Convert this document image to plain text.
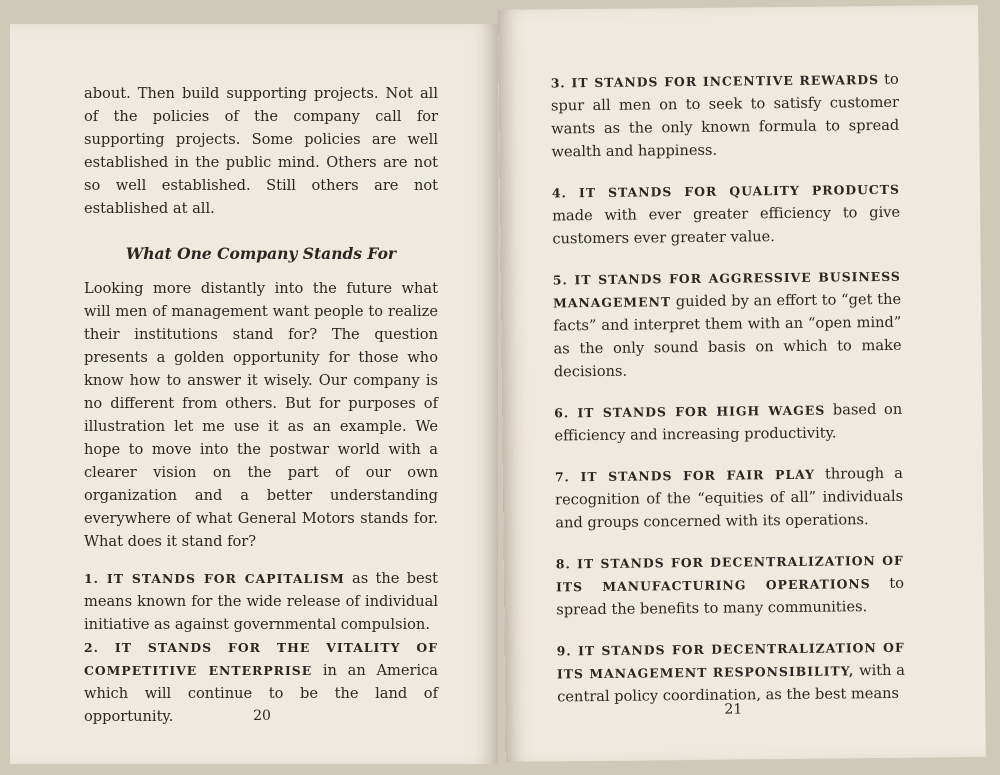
about. Then build supporting projects. Not all of the policies of the company call for supporting projects. Some policies are well established in the public mind. Others are not so well established. Still others are not established at all.

What One Company Stands For

Looking more distantly into the future what will men of management want people to realize their institutions stand for? The question presents a golden opportunity for those who know how to answer it wisely. Our company is no different from others. But for purposes of illustration let me use it as an example. We hope to move into the postwar world with a clearer vision on the part of our own organization and a better understanding everywhere of what General Motors stands for. What does it stand for?

1. IT STANDS FOR CAPITALISM as the best means known for the wide release of individual initiative as against governmental compulsion.

2. IT STANDS FOR THE VITALITY OF COMPETITIVE ENTERPRISE in an America which will continue to be the land of opportunity.	20

3. IT STANDS FOR INCENTIVE REWARDS to spur all men on to seek to satisfy customer wants as the only known formula to spread wealth and happiness.

4. IT STANDS FOR QUALITY PRODUCTS made with ever greater efficiency to give customers ever greater value.

5. IT STANDS FOR AGGRESSIVE BUSINESS MANAGEMENT guided by an effort to “get the facts” and interpret them with an “open mind” as the only sound basis on which to make decisions.

6. IT STANDS FOR HIGH WAGES based on efficiency and increasing productivity.

7. IT STANDS FOR FAIR PLAY through a recognition of the “equities of all” individuals and groups concerned with its operations.

8. IT STANDS FOR DECENTRALIZATION OF ITS MANUFACTURING OPERATIONS to spread the benefits to many communities.

9. IT STANDS FOR DECENTRALIZATION OF ITS MANAGEMENT RESPONSIBILITY, with a central policy coordination, as the best means

21
